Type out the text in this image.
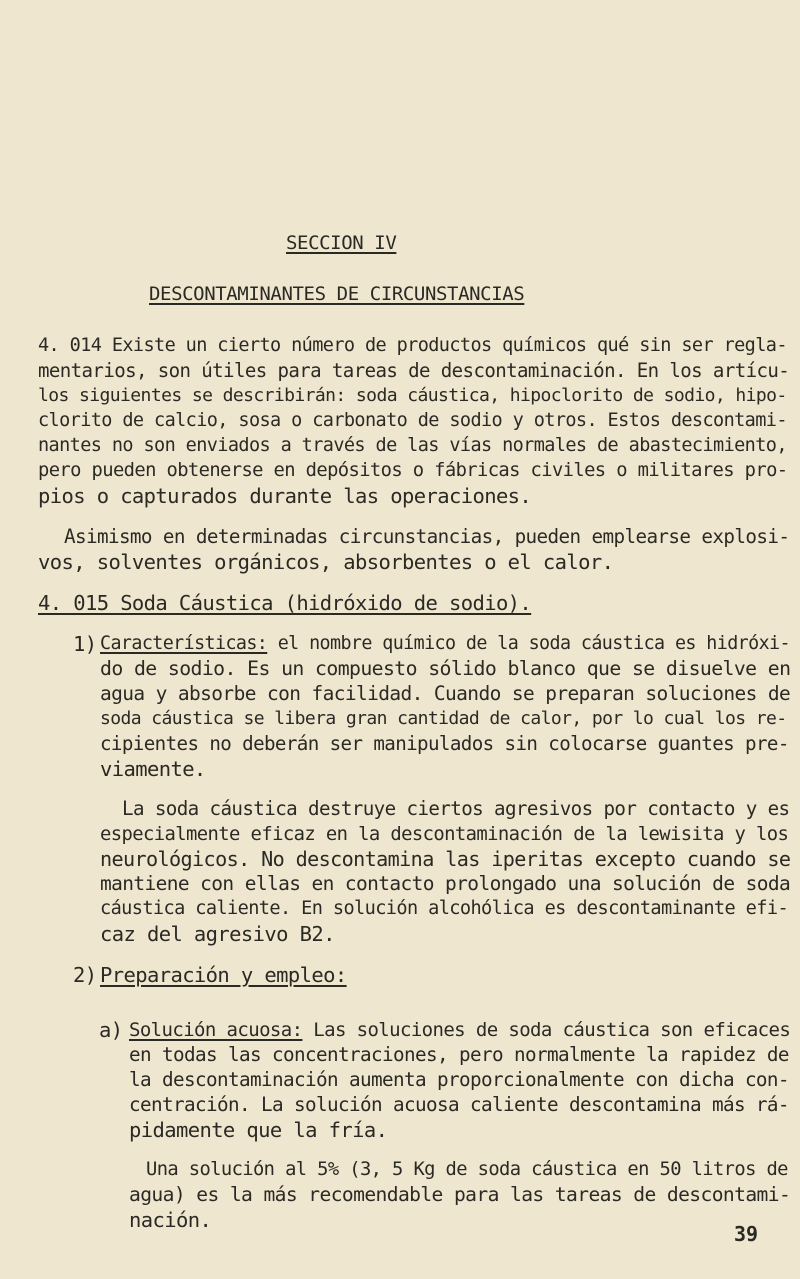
SECCION IV
DESCONTAMINANTES DE CIRCUNSTANCIAS
4. 014 Existe un cierto número de productos químicos qué sin ser regla-
mentarios, son útiles para tareas de descontaminación. En los artícu-
los siguientes se describirán: soda cáustica, hipoclorito de sodio, hipo-
clorito de calcio, sosa o carbonato de sodio y otros. Estos descontami-
nantes no son enviados a través de las vías normales de abastecimiento,
pero pueden obtenerse en depósitos o fábricas civiles o militares pro-
pios o capturados durante las operaciones.
Asimismo en determinadas circunstancias, pueden emplearse explosi-
vos, solventes orgánicos, absorbentes o el calor.
4. 015 Soda Cáustica (hidróxido de sodio).
1) Características: el nombre químico de la soda cáustica es hidróxi-
do de sodio. Es un compuesto sólido blanco que se disuelve en
agua y absorbe con facilidad. Cuando se preparan soluciones de
soda cáustica se libera gran cantidad de calor, por lo cual los re-
cipientes no deberán ser manipulados sin colocarse guantes pre-
viamente.
La soda cáustica destruye ciertos agresivos por contacto y es
especialmente eficaz en la descontaminación de la lewisita y los
neurológicos. No descontamina las iperitas excepto cuando se
mantiene con ellas en contacto prolongado una solución de soda
cáustica caliente. En solución alcohólica es descontaminante efi-
caz del agresivo B2.
2) Preparación y empleo:
a) Solución acuosa: Las soluciones de soda cáustica son eficaces
en todas las concentraciones, pero normalmente la rapidez de
la descontaminación aumenta proporcionalmente con dicha con-
centración. La solución acuosa caliente descontamina más rá-
pidamente que la fría.
Una solución al 5% (3, 5 Kg de soda cáustica en 50 litros de
agua) es la más recomendable para las tareas de descontami-
nación.
39
